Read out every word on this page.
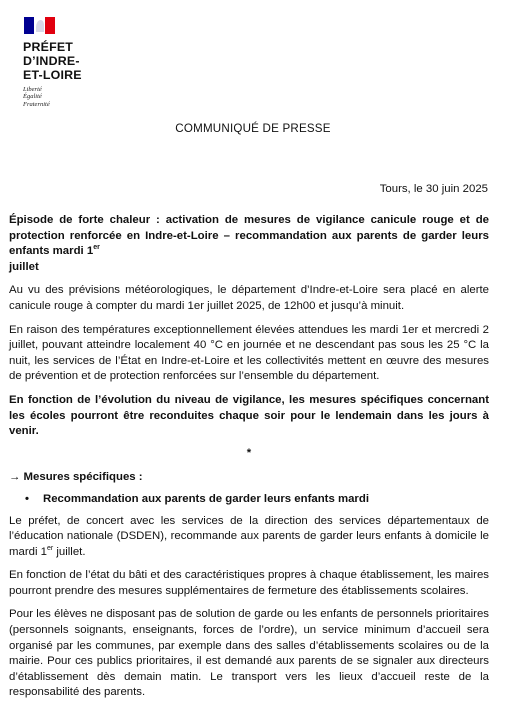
PRÉFET
D’INDRE-
ET-LOIRE
Liberté
Égalité
Fraternité
COMMUNIQUÉ DE PRESSE
Tours, le 30 juin 2025

Épisode de forte chaleur : activation de mesures de vigilance canicule rouge et de protection renforcée en Indre-et-Loire – recommandation aux parents de garder leurs enfants mardi 1er
juillet

Au vu des prévisions météorologiques, le département d’Indre-et-Loire sera placé en alerte canicule rouge à compter du mardi 1er juillet 2025, de 12h00 et jusqu’à minuit.

En raison des températures exceptionnellement élevées attendues les mardi 1er et mercredi 2 juillet, pouvant atteindre localement 40 °C en journée et ne descendant pas sous les 25 °C la nuit, les services de l’État en Indre-et-Loire et les collectivités mettent en œuvre des mesures de prévention et de protection renforcées sur l’ensemble du département.

En fonction de l’évolution du niveau de vigilance, les mesures spécifiques concernant les écoles pourront être reconduites chaque soir pour le lendemain dans les jours à venir.

*
→ Mesures spécifiques :
•	Recommandation aux parents de garder leurs enfants mardi

Le préfet, de concert avec les services de la direction des services départementaux de l’éducation nationale (DSDEN), recommande aux parents de garder leurs enfants à domicile le mardi 1er juillet.

En fonction de l’état du bâti et des caractéristiques propres à chaque établissement, les maires pourront prendre des mesures supplémentaires de fermeture des établissements scolaires.

Pour les élèves ne disposant pas de solution de garde ou les enfants de personnels prioritaires (personnels soignants, enseignants, forces de l’ordre), un service minimum d’accueil sera organisé par les communes, par exemple dans des salles d’établissements scolaires ou de la mairie. Pour ces publics prioritaires, il est demandé aux parents de se signaler aux directeurs d’établissement dès demain matin. Le transport vers les lieux d’accueil reste de la responsabilité des parents.
